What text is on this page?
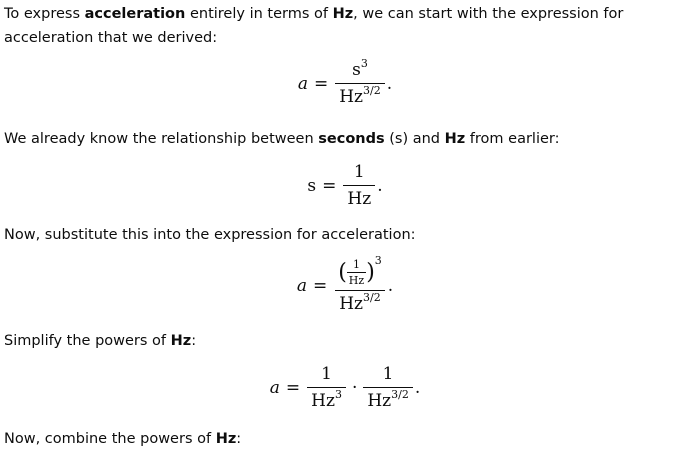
To express acceleration entirely in terms of Hz, we can start with the expression for acceleration that we derived:

$a = \frac{s^3}{Hz^{3/2}}$ .

We already know the relationship between seconds (s) and Hz from earlier:

$s = \frac{1}{Hz}$ .

Now, substitute this into the expression for acceleration:

a =
( $\frac{1}{Hz} )^3$
$Hz^{3/2}$
.

Simplify the powers of Hz:

$a = \frac{1}{Hz^3} \cdot \frac{1}{Hz^{3/2}}$ .

Now, combine the powers of Hz:
